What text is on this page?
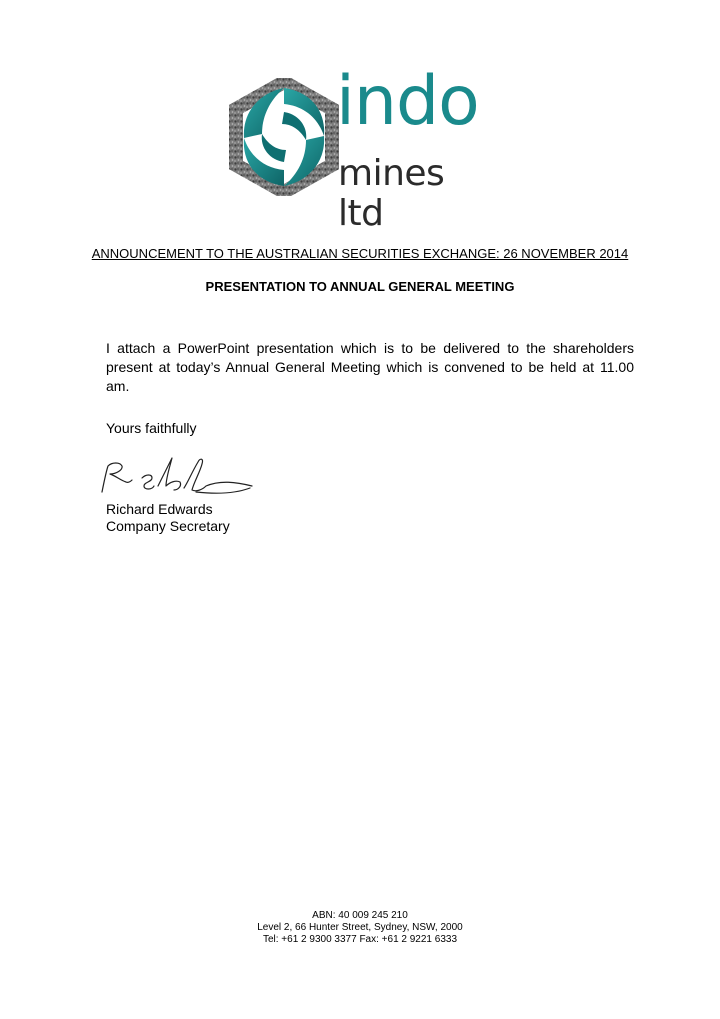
indo
mines ltd
ANNOUNCEMENT TO THE AUSTRALIAN SECURITIES EXCHANGE: 26 NOVEMBER 2014
PRESENTATION TO ANNUAL GENERAL MEETING
I attach a PowerPoint presentation which is to be delivered to the shareholders present at today’s Annual General Meeting which is convened to be held at 11.00 am.
Yours faithfully
Richard Edwards
Company Secretary
ABN: 40 009 245 210
Level 2, 66 Hunter Street, Sydney, NSW, 2000
Tel: +61 2 9300 3377 Fax: +61 2 9221 6333
